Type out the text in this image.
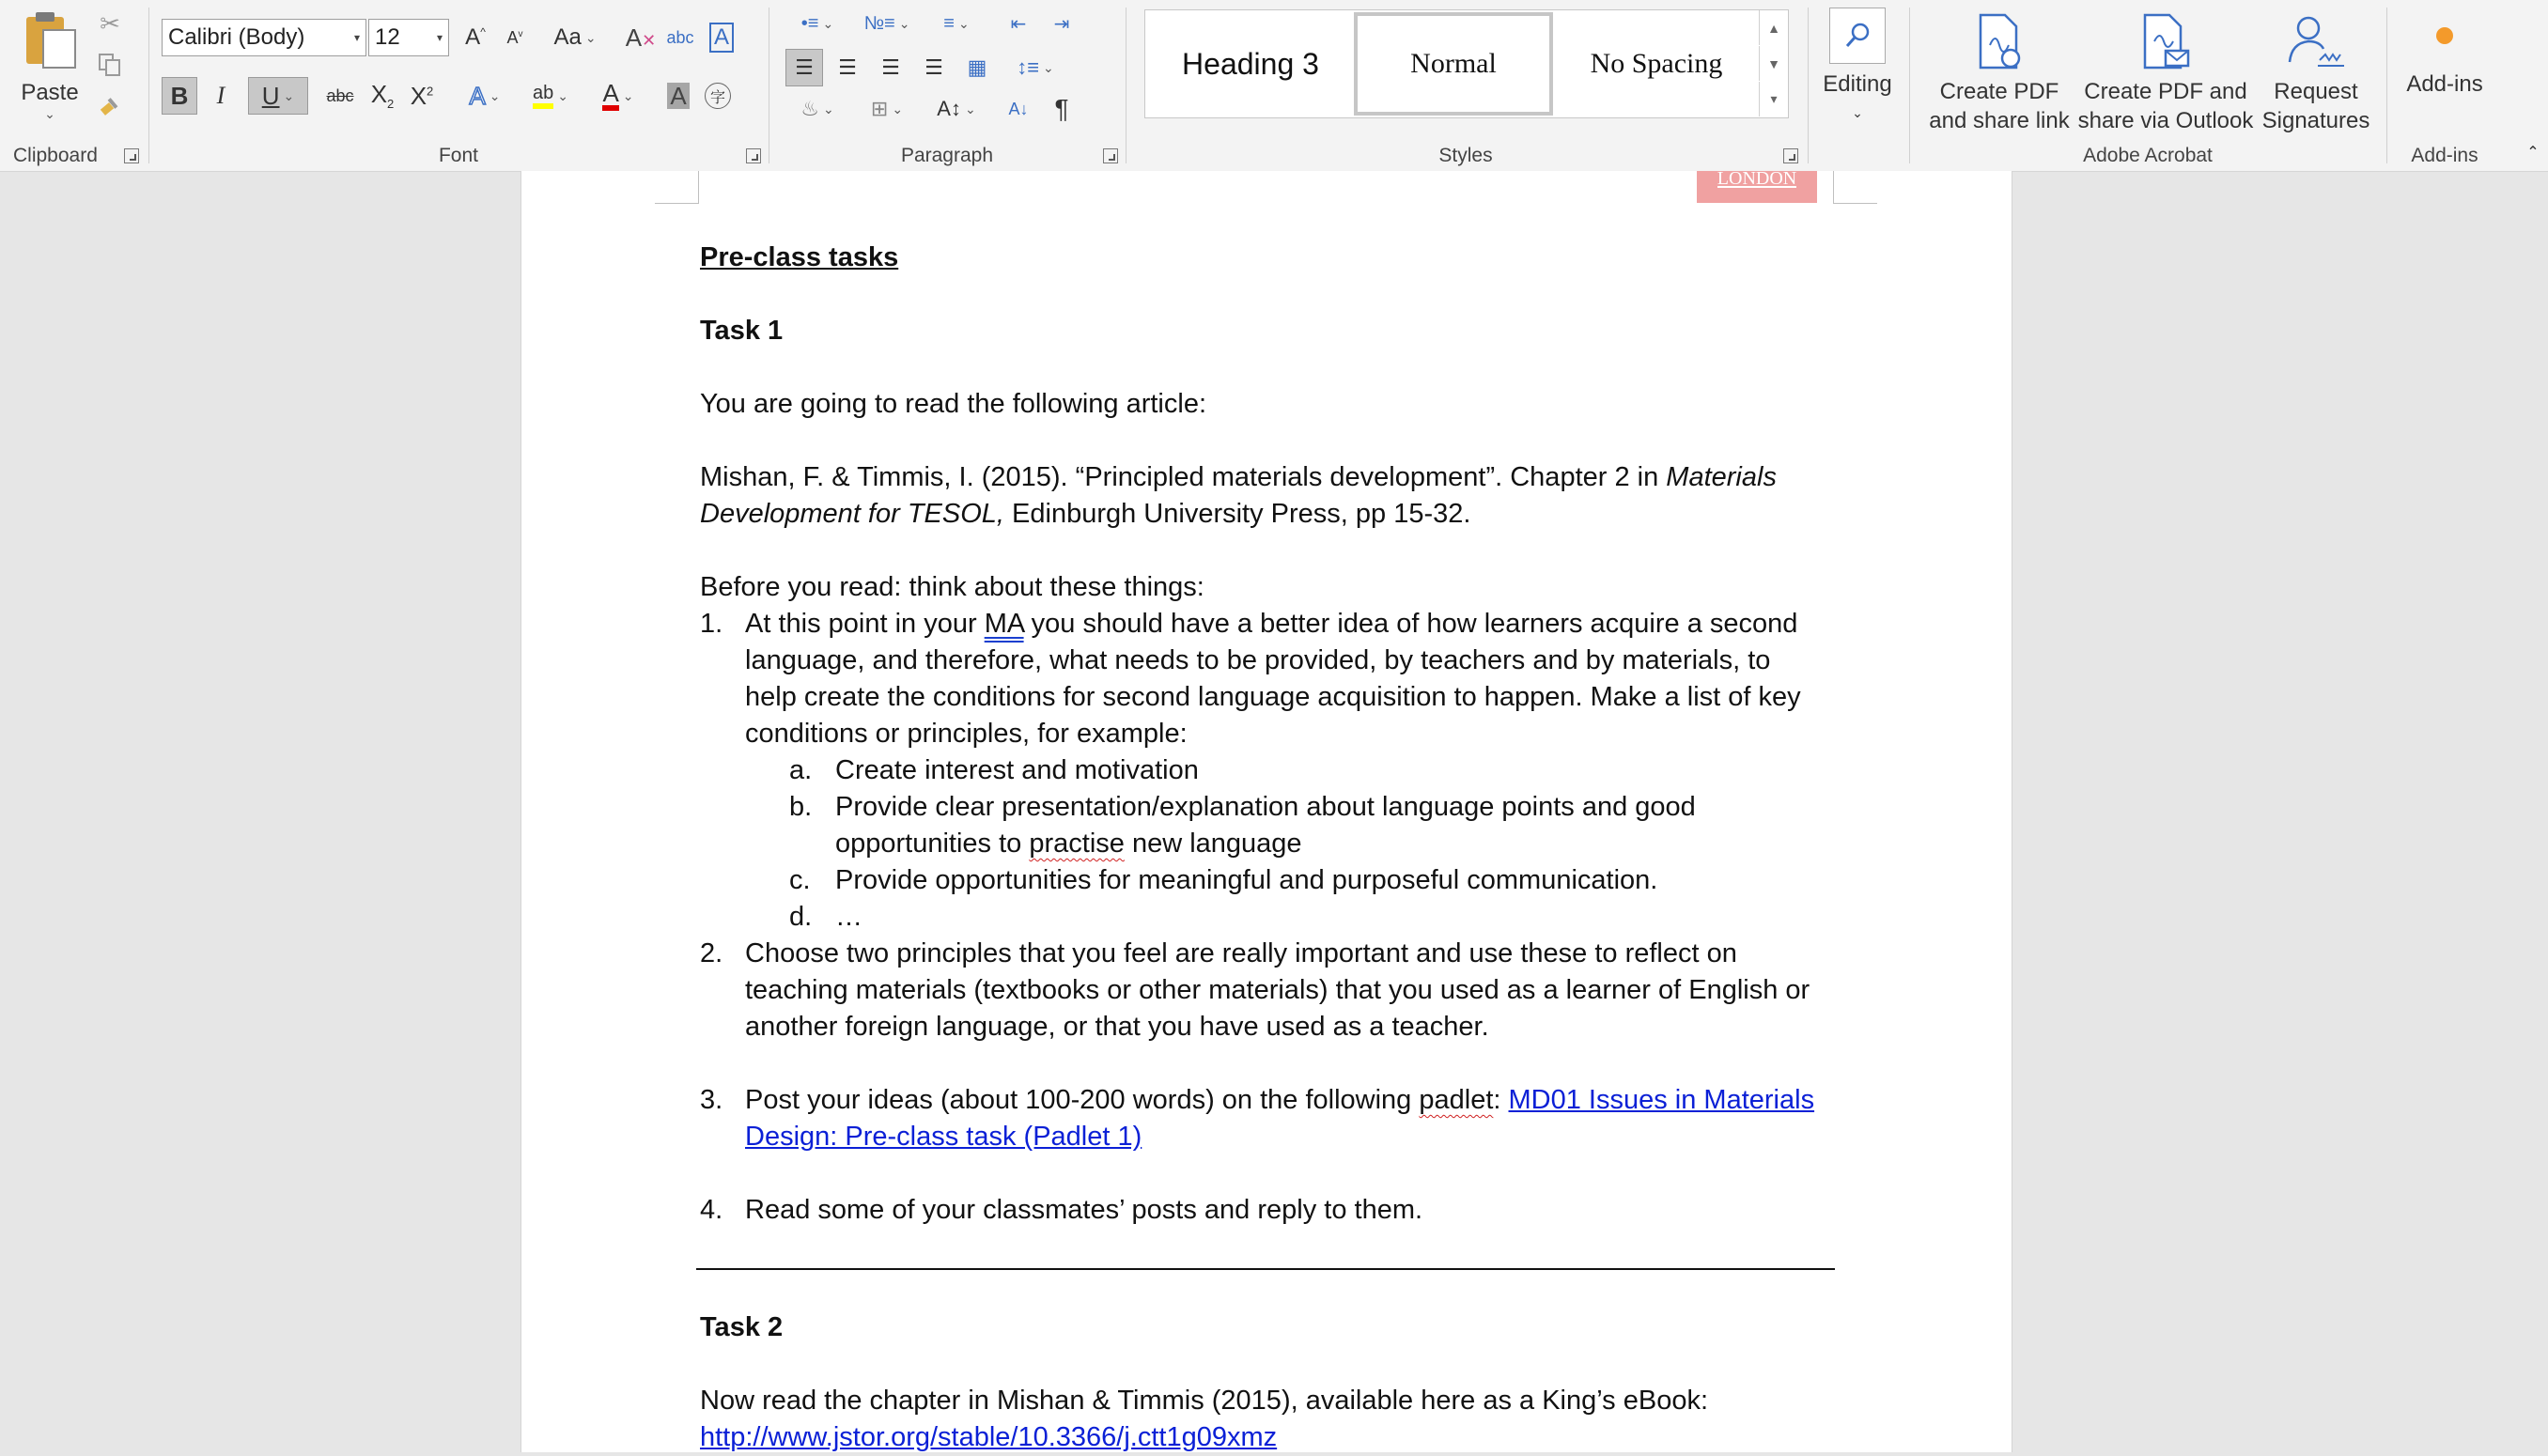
Paste
⌄
✂
Clipboard
Calibri (Body)	▾ 12	▾ A^ $A^v$ Aa ⌄ A✕ abc A
B I U ⌄ abc $X_2$ $X^2$ A ⌄ ab ⌄ A ⌄ A	字
Font
•≡ ⌄ №≡ ⌄ ≡ ⌄ ⇤ ⇥
☰ ☰ ☰ ☰ ▦ ↕≡ ⌄
♨ ⌄ ⊞ ⌄ A↕ ⌄ A↓ ¶
Paragraph
Heading 3	Normal	No Spacing
▲
▼
▾
Styles
Editing
⌄
Create PDF
and share link
Create PDF and
share via Outlook
Request
Signatures
Adobe Acrobat
Add-ins
Add-ins	⌃
LONDON
Pre-class tasks
Task 1
You are going to read the following article:
Mishan, F. & Timmis, I. (2015). “Principled materials development”. Chapter 2 in Materials
Development for TESOL, Edinburgh University Press, pp 15-32.
Before you read: think about these things:
1. At this point in your MA you should have a better idea of how learners acquire a second
language, and therefore, what needs to be provided, by teachers and by materials, to
help create the conditions for second language acquisition to happen. Make a list of key
conditions or principles, for example:
a. Create interest and motivation
b. Provide clear presentation/explanation about language points and good
opportunities to practise new language
c. Provide opportunities for meaningful and purposeful communication.
d. …
2. Choose two principles that you feel are really important and use these to reflect on
teaching materials (textbooks or other materials) that you used as a learner of English or
another foreign language, or that you have used as a teacher.
3. Post your ideas (about 100-200 words) on the following padlet: MD01 Issues in Materials
Design: Pre-class task (Padlet 1)
4. Read some of your classmates’ posts and reply to them.
Task 2
Now read the chapter in Mishan & Timmis (2015), available here as a King’s eBook:
http://www.jstor.org/stable/10.3366/j.ctt1g09xmz
